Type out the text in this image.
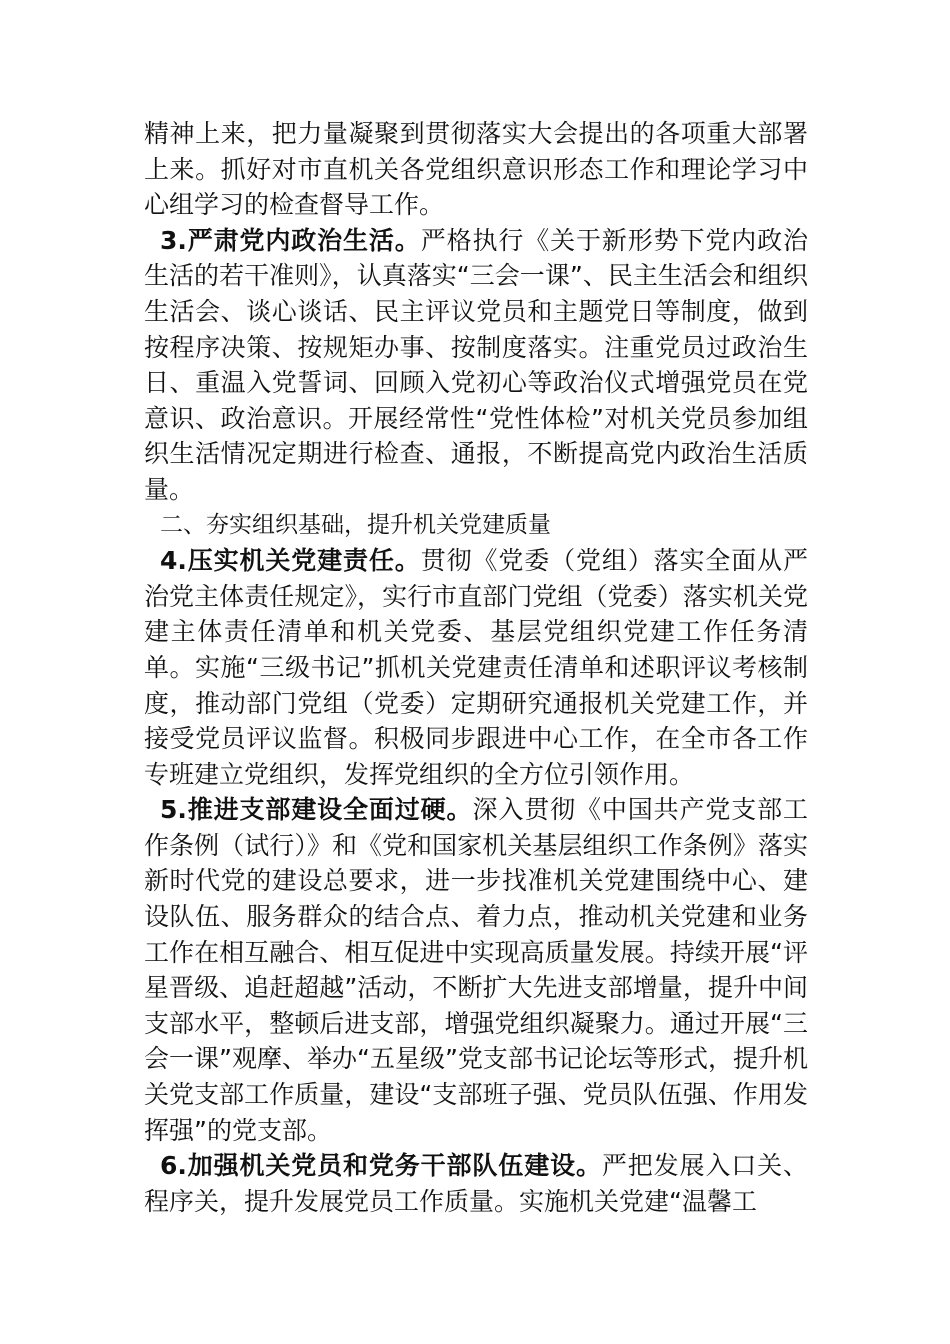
精神上来，把力量凝聚到贯彻落实大会提出的各项重大部署上来。抓好对市直机关各党组织意识形态工作和理论学习中心组学习的检查督导工作。

3.严肃党内政治生活。严格执行《关于新形势下党内政治生活的若干准则》，认真落实“三会一课”、民主生活会和组织生活会、谈心谈话、民主评议党员和主题党日等制度，做到按程序决策、按规矩办事、按制度落实。注重党员过政治生日、重温入党誓词、回顾入党初心等政治仪式增强党员在党意识、政治意识。开展经常性“党性体检”对机关党员参加组织生活情况定期进行检查、通报，不断提高党内政治生活质量。

二、夯实组织基础，提升机关党建质量

4.压实机关党建责任。贯彻《党委（党组）落实全面从严治党主体责任规定》，实行市直部门党组（党委）落实机关党建主体责任清单和机关党委、基层党组织党建工作任务清单。实施“三级书记”抓机关党建责任清单和述职评议考核制度，推动部门党组（党委）定期研究通报机关党建工作，并接受党员评议监督。积极同步跟进中心工作，在全市各工作专班建立党组织，发挥党组织的全方位引领作用。

5.推进支部建设全面过硬。深入贯彻《中国共产党支部工作条例（试行）》和《党和国家机关基层组织工作条例》落实新时代党的建设总要求，进一步找准机关党建围绕中心、建设队伍、服务群众的结合点、着力点，推动机关党建和业务工作在相互融合、相互促进中实现高质量发展。持续开展“评星晋级、追赶超越”活动，不断扩大先进支部增量，提升中间支部水平，整顿后进支部，增强党组织凝聚力。通过开展“三会一课”观摩、举办“五星级”党支部书记论坛等形式，提升机关党支部工作质量，建设“支部班子强、党员队伍强、作用发挥强”的党支部。

6.加强机关党员和党务干部队伍建设。严把发展入口关、程序关，提升发展党员工作质量。实施机关党建“温馨工
